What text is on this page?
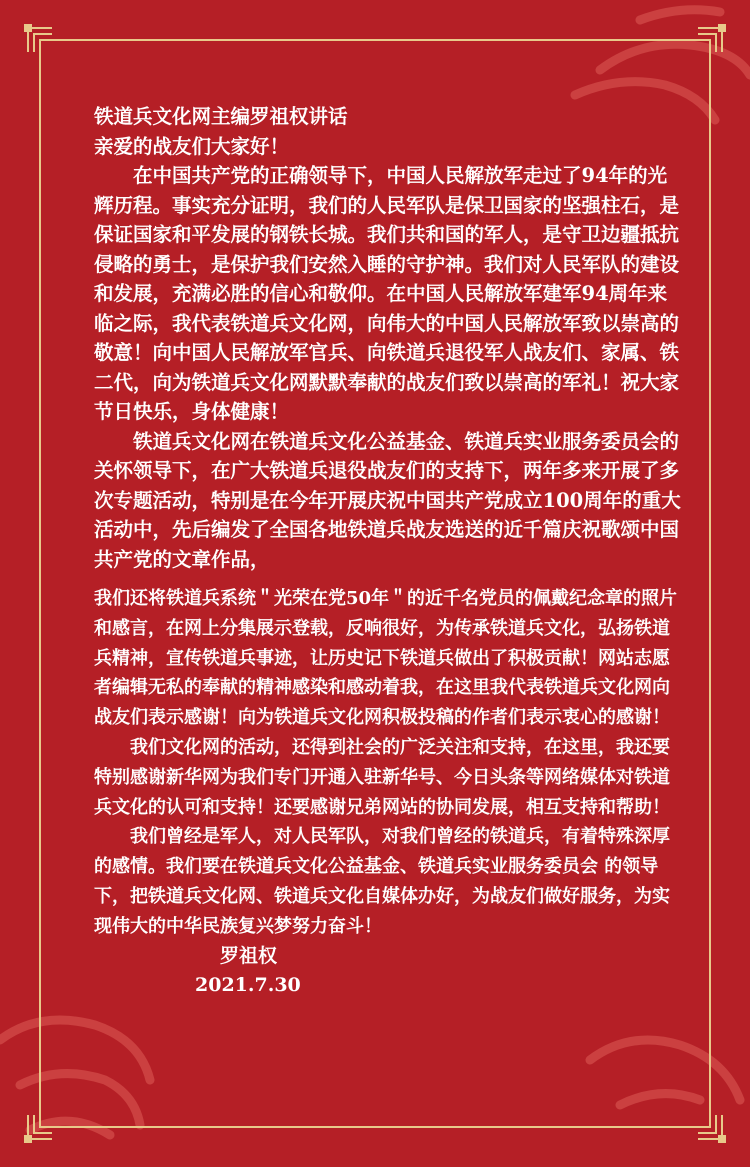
铁道兵文化网主编罗祖权讲话

亲爱的战友们大家好！

在中国共产党的正确领导下，中国人民解放军走过了94年的光辉历程。事实充分证明，我们的人民军队是保卫国家的坚强柱石，是保证国家和平发展的钢铁长城。我们共和国的军人，是守卫边疆抵抗侵略的勇士，是保护我们安然入睡的守护神。我们对人民军队的建设和发展，充满必胜的信心和敬仰。在中国人民解放军建军94周年来临之际，我代表铁道兵文化网，向伟大的中国人民解放军致以崇高的敬意！向中国人民解放军官兵、向铁道兵退役军人战友们、家属、铁二代，向为铁道兵文化网默默奉献的战友们致以崇高的军礼！祝大家节日快乐，身体健康！

铁道兵文化网在铁道兵文化公益基金、铁道兵实业服务委员会的关怀领导下，在广大铁道兵退役战友们的支持下，两年多来开展了多次专题活动，特别是在今年开展庆祝中国共产党成立100周年的重大活动中，先后编发了全国各地铁道兵战友选送的近千篇庆祝歌颂中国共产党的文章作品，

我们还将铁道兵系统＂光荣在党50年＂的近千名党员的佩戴纪念章的照片和感言，在网上分集展示登载，反响很好，为传承铁道兵文化，弘扬铁道兵精神，宣传铁道兵事迹，让历史记下铁道兵做出了积极贡献！网站志愿者编辑无私的奉献的精神感染和感动着我，在这里我代表铁道兵文化网向战友们表示感谢！向为铁道兵文化网积极投稿的作者们表示衷心的感谢！

我们文化网的活动，还得到社会的广泛关注和支持，在这里，我还要特别感谢新华网为我们专门开通入驻新华号、今日头条等网络媒体对铁道兵文化的认可和支持！还要感谢兄弟网站的协同发展，相互支持和帮助！

我们曾经是军人，对人民军队，对我们曾经的铁道兵，有着特殊深厚的感情。我们要在铁道兵文化公益基金、铁道兵实业服务委员会 的领导下，把铁道兵文化网、铁道兵文化自媒体办好，为战友们做好服务，为实现伟大的中华民族复兴梦努力奋斗！

罗祖权

2021.7.30
